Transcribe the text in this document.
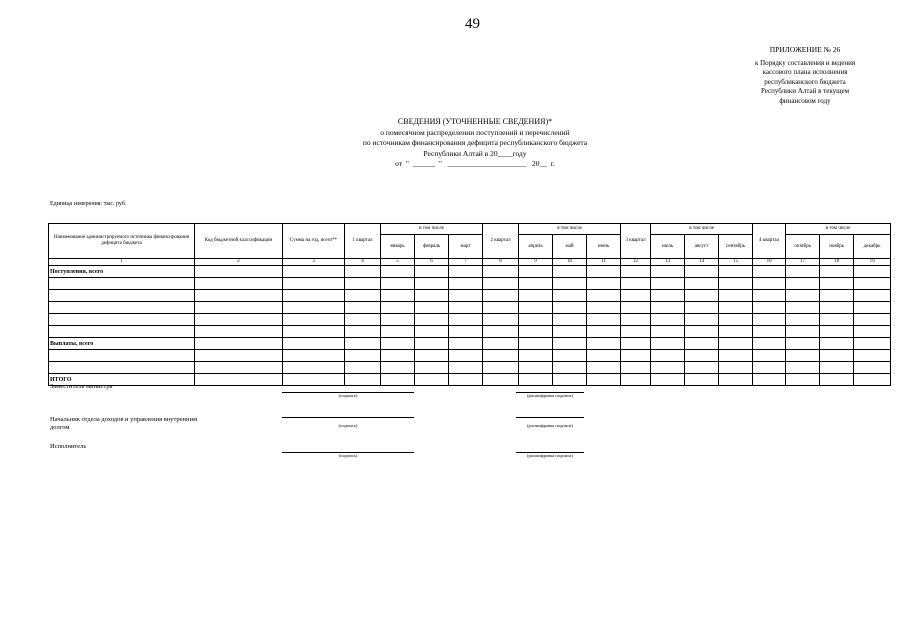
49
ПРИЛОЖЕНИЕ № 26
к Порядку составления и ведения
кассового плана исполнения
республиканского бюджета
Республики Алтай в текущем
финансовом году
СВЕДЕНИЯ (УТОЧНЕННЫЕ СВЕДЕНИЯ)*
о помесячном распределении поступлений и перечислений
по источникам финансирования дефицита республиканского бюджета
Республики Алтай в 20____году
от  "  ______  "   _____________________   20__  г.
Единица измерения: тыс. руб.
Наименование администрируемого источника финансирования дефицита бюджета	Код бюджетной классификации	Сумма на год, всего**	1 квартал	в том числе			2 квартал	в том числе			3 квартал	в том числе			4 квартал	в том числе		
				январь	февраль	март		апрель	май	июнь		июль	август	сентябрь		октябрь	ноябрь	декабрь
1	2	3	4	5	6	7	8	9	10	11	12	13	14	15	16	17	18	19
Поступления, всего																		

Выплаты, всего																		

ИТОГО																		
Заместитель министра
(подпись)	(расшифровка подписи)
Начальник отдела доходов и управления внутренним долгом	(подпись)	(расшифровка подписи)
Исполнитель
(подпись)	(расшифровка подписи)
